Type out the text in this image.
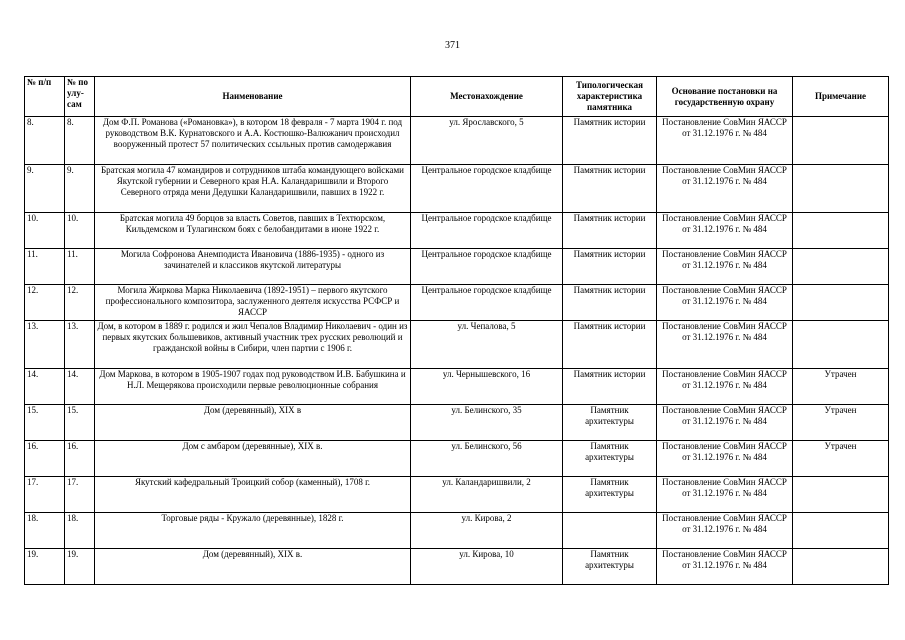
371
№ п/п	№ по улу-сам	Наименование	Местонахождение	Типологическая характеристика памятника	Основание постановки на государственную охрану	Примечание
8.	8.	Дом Ф.П. Романова («Романовка»), в котором 18 февраля - 7 марта 1904 г. под руководством В.К. Курнатовского и А.А. Костюшко-Валюжанич происходил вооруженный протест 57 политических ссыльных против самодержавия	ул. Ярославского, 5	Памятник истории	Постановление СовМин ЯАССР от 31.12.1976 г. № 484	
9.	9.	Братская могила 47 командиров и сотрудников штаба командующего войсками Якутской губернии и Северного края Н.А. Каландаришвили и Второго Северного отряда мени Дедушки Каландаришвили, павших в 1922 г.	Центральное городское кладбище	Памятник истории	Постановление СовМин ЯАССР от 31.12.1976 г. № 484	
10.	10.	Братская могила 49 борцов за власть Советов, павших в Техтюрском, Кильдемском и Тулагинском боях с белобандитами в июне 1922 г.	Центральное городское кладбище	Памятник истории	Постановление СовМин ЯАССР от 31.12.1976 г. № 484	
11.	11.	Могила Софронова Анемподиста Ивановича (1886-1935) - одного из зачинателей и классиков якутской литературы	Центральное городское кладбище	Памятник истории	Постановление СовМин ЯАССР от 31.12.1976 г. № 484	
12.	12.	Могила Жиркова Марка Николаевича (1892-1951) – первого якутского профессионального композитора, заслуженного деятеля искусства РСФСР и ЯАССР	Центральное городское кладбище	Памятник истории	Постановление СовМин ЯАССР от 31.12.1976 г. № 484	
13.	13.	Дом, в котором в 1889 г. родился и жил Чепалов Владимир Николаевич - один из первых якутских большевиков, активный участник трех русских революций и гражданской войны в Сибири, член партии с 1906 г.	ул. Чепалова, 5	Памятник истории	Постановление СовМин ЯАССР от 31.12.1976 г. № 484	
14.	14.	Дом Маркова, в котором в 1905-1907 годах под руководством И.В. Бабушкина и Н.Л. Мещерякова происходили первые революционные собрания	ул. Чернышевского, 16	Памятник истории	Постановление СовМин ЯАССР от 31.12.1976 г. № 484	Утрачен
15.	15.	Дом (деревянный), XIX в	ул. Белинского, 35	Памятник архитектуры	Постановление СовМин ЯАССР от 31.12.1976 г. № 484	Утрачен
16.	16.	Дом с амбаром (деревянные), XIX в.	ул. Белинского, 56	Памятник архитектуры	Постановление СовМин ЯАССР от 31.12.1976 г. № 484	Утрачен
17.	17.	Якутский кафедральный Троицкий собор (каменный), 1708 г.	ул. Каландаришвили, 2	Памятник архитектуры	Постановление СовМин ЯАССР от 31.12.1976 г. № 484	
18.	18.	Торговые ряды - Кружало (деревянные), 1828 г.	ул. Кирова, 2		Постановление СовМин ЯАССР от 31.12.1976 г. № 484	
19.	19.	Дом (деревянный), XIX в.	ул. Кирова, 10	Памятник архитектуры	Постановление СовМин ЯАССР от 31.12.1976 г. № 484	
